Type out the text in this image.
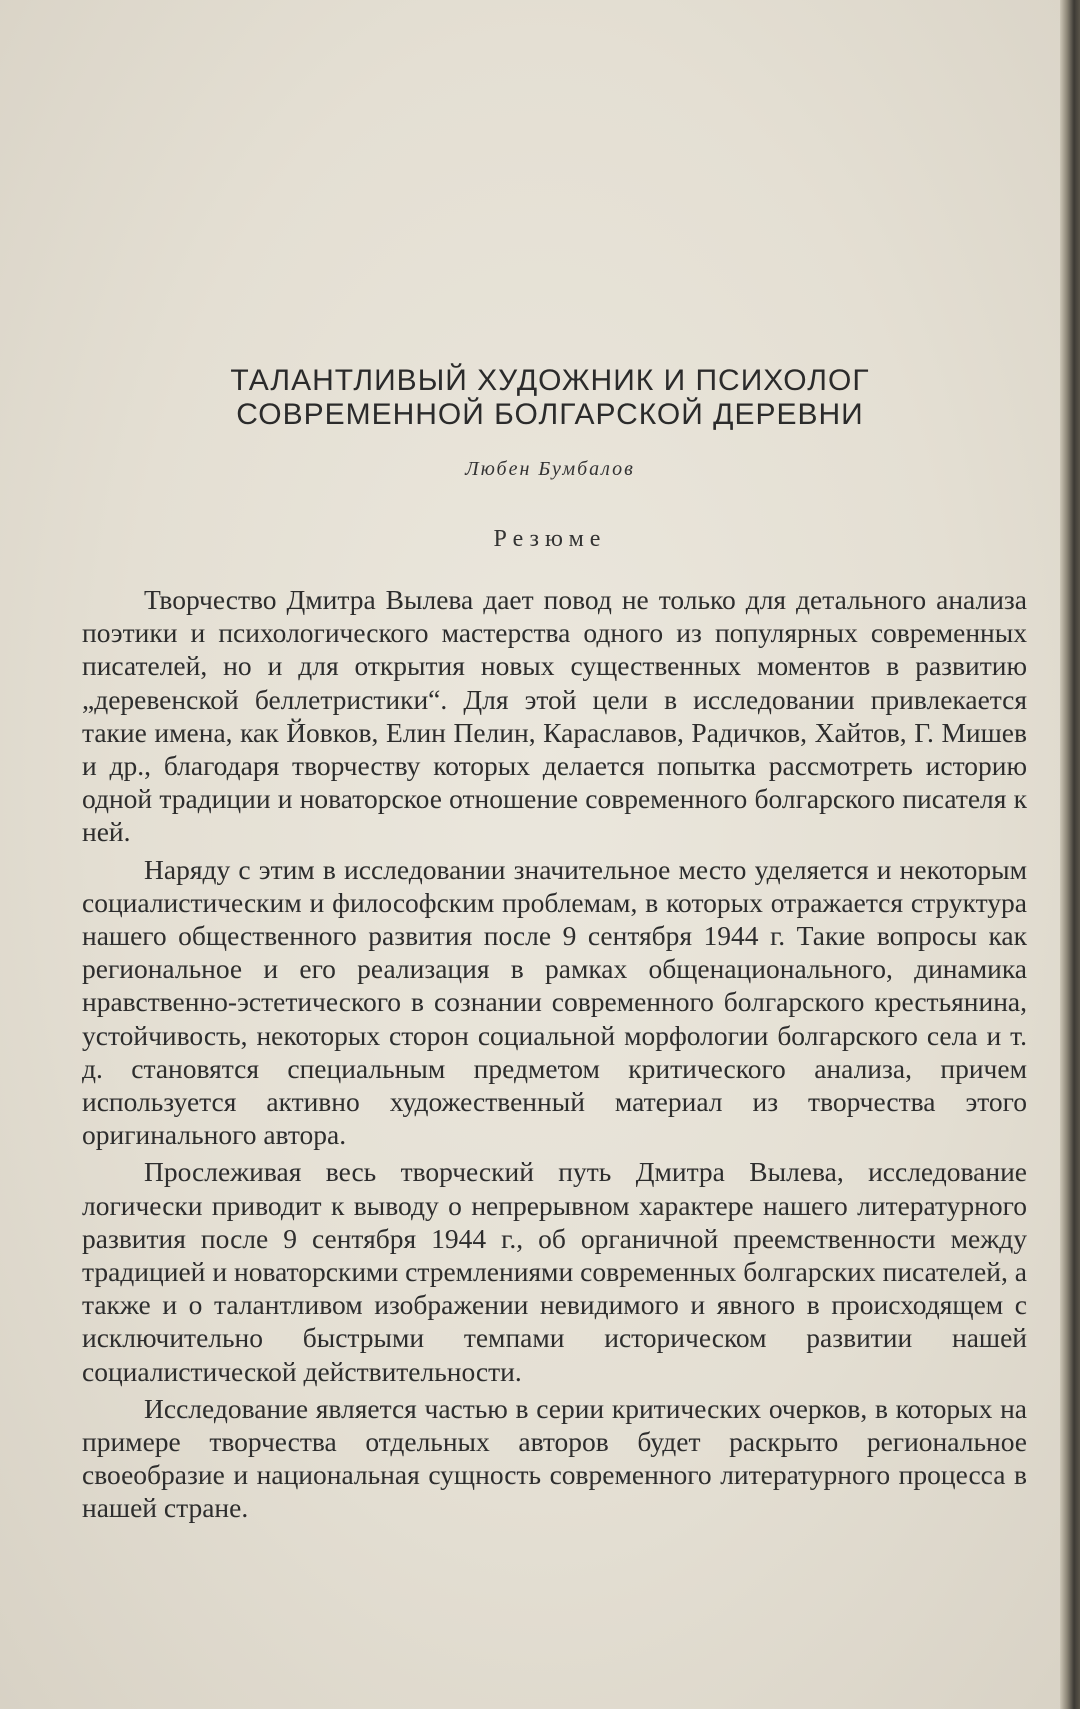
ТАЛАНТЛИВЫЙ ХУДОЖНИК И ПСИХОЛОГ
СОВРЕМЕННОЙ БОЛГАРСКОЙ ДЕРЕВНИ
Любен Бумбалов
Резюме

Творчество Дмитра Вылева дает повод не только для детального анализа поэтики и психологического мастерства одного из популярных современных писателей, но и для открытия новых существенных моментов в развитию „деревенской беллетристики“. Для этой цели в исследовании привлекается такие имена, как Йовков, Елин Пелин, Караславов, Радичков, Хайтов, Г. Мишев и др., благодаря творчеству которых делается попытка рассмотреть историю одной традиции и новаторское отношение современного болгарского писателя к ней.

Наряду с этим в исследовании значительное место уделяется и некоторым социалистическим и философским проблемам, в которых отражается структура нашего общественного развития после 9 сентября 1944 г. Такие вопросы как региональное и его реализация в рамках общенационального, динамика нравственно-эстетического в сознании современного болгарского крестьянина, устойчивость, некоторых сторон социальной морфологии болгарского села и т. д. становятся специальным предметом критического анализа, причем используется активно художественный материал из творчества этого оригинального автора.

Прослеживая весь творческий путь Дмитра Вылева, исследование логически приводит к выводу о непрерывном характере нашего литературного развития после 9 сентября 1944 г., об органичной преемственности между традицией и новаторскими стремлениями современных болгарских писателей, а также и о талантливом изображении невидимого и явного в происходящем с исключительно быстрыми темпами историческом развитии нашей социалистической действительности.

Исследование является частью в серии критических очерков, в которых на примере творчества отдельных авторов будет раскрыто региональное своеобразие и национальная сущность современного литературного процесса в нашей стране.
